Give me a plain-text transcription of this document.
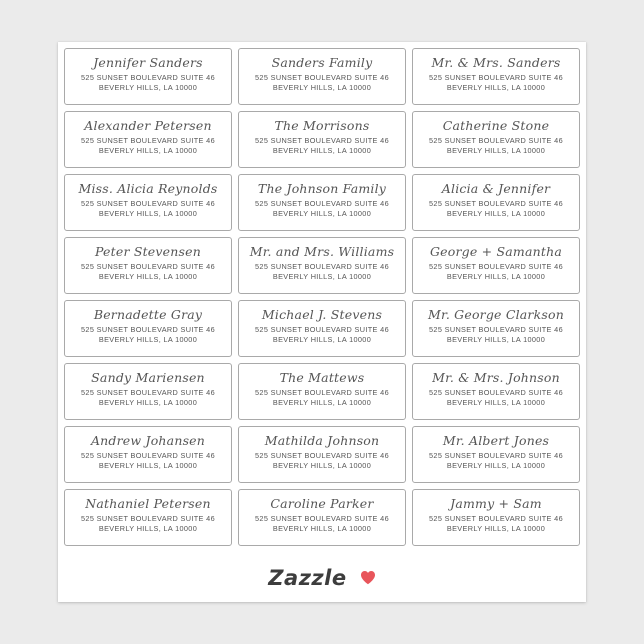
Jennifer Sanders
525 SUNSET BOULEVARD SUITE 46
BEVERLY HILLS, LA 10000
Sanders Family
525 SUNSET BOULEVARD SUITE 46
BEVERLY HILLS, LA 10000
Mr. & Mrs. Sanders
525 SUNSET BOULEVARD SUITE 46
BEVERLY HILLS, LA 10000
Alexander Petersen
525 SUNSET BOULEVARD SUITE 46
BEVERLY HILLS, LA 10000
The Morrisons
525 SUNSET BOULEVARD SUITE 46
BEVERLY HILLS, LA 10000
Catherine Stone
525 SUNSET BOULEVARD SUITE 46
BEVERLY HILLS, LA 10000
Miss. Alicia Reynolds
525 SUNSET BOULEVARD SUITE 46
BEVERLY HILLS, LA 10000
The Johnson Family
525 SUNSET BOULEVARD SUITE 46
BEVERLY HILLS, LA 10000
Alicia & Jennifer
525 SUNSET BOULEVARD SUITE 46
BEVERLY HILLS, LA 10000
Peter Stevensen
525 SUNSET BOULEVARD SUITE 46
BEVERLY HILLS, LA 10000
Mr. and Mrs. Williams
525 SUNSET BOULEVARD SUITE 46
BEVERLY HILLS, LA 10000
George + Samantha
525 SUNSET BOULEVARD SUITE 46
BEVERLY HILLS, LA 10000
Bernadette Gray
525 SUNSET BOULEVARD SUITE 46
BEVERLY HILLS, LA 10000
Michael J. Stevens
525 SUNSET BOULEVARD SUITE 46
BEVERLY HILLS, LA 10000
Mr. George Clarkson
525 SUNSET BOULEVARD SUITE 46
BEVERLY HILLS, LA 10000
Sandy Mariensen
525 SUNSET BOULEVARD SUITE 46
BEVERLY HILLS, LA 10000
The Mattews
525 SUNSET BOULEVARD SUITE 46
BEVERLY HILLS, LA 10000
Mr. & Mrs. Johnson
525 SUNSET BOULEVARD SUITE 46
BEVERLY HILLS, LA 10000
Andrew Johansen
525 SUNSET BOULEVARD SUITE 46
BEVERLY HILLS, LA 10000
Mathilda Johnson
525 SUNSET BOULEVARD SUITE 46
BEVERLY HILLS, LA 10000
Mr. Albert Jones
525 SUNSET BOULEVARD SUITE 46
BEVERLY HILLS, LA 10000
Nathaniel Petersen
525 SUNSET BOULEVARD SUITE 46
BEVERLY HILLS, LA 10000
Caroline Parker
525 SUNSET BOULEVARD SUITE 46
BEVERLY HILLS, LA 10000
Jammy + Sam
525 SUNSET BOULEVARD SUITE 46
BEVERLY HILLS, LA 10000
Zazzle
